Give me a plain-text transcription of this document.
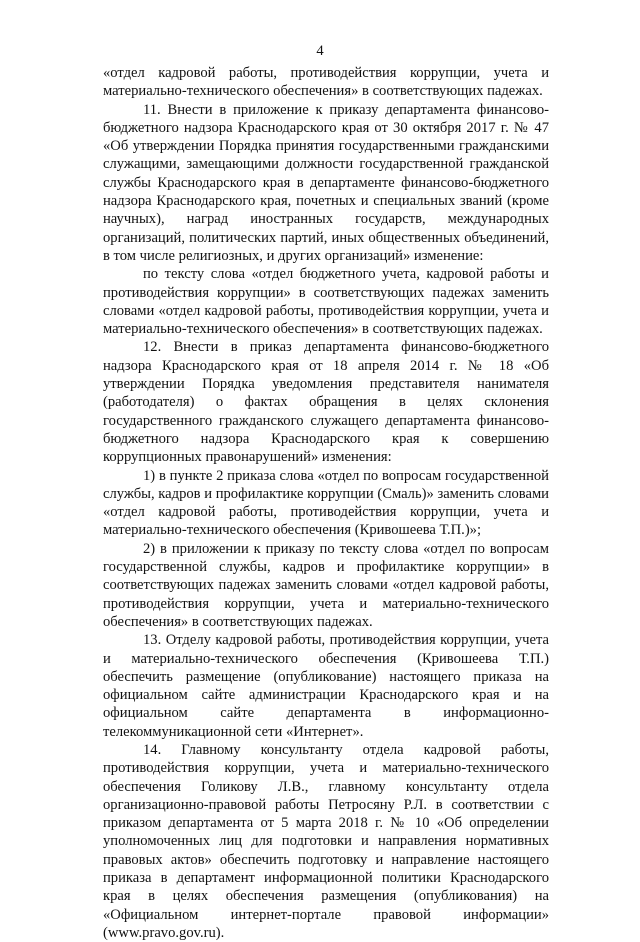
4

«отдел кадровой работы, противодействия коррупции, учета и материально-технического обеспечения» в соответствующих падежах.

11. Внести в приложение к приказу департамента финансово-бюджетного надзора Краснодарского края от 30 октября 2017 г. № 47 «Об утверждении Порядка принятия государственными гражданскими служащими, замещающими должности государственной гражданской службы Краснодарского края в департаменте финансово-бюджетного надзора Краснодарского края, почетных и специальных званий (кроме научных), наград иностранных государств, международных организаций, политических партий, иных общественных объединений, в том числе религиозных, и других организаций» изменение:

по тексту слова «отдел бюджетного учета, кадровой работы и противодействия коррупции» в соответствующих падежах заменить словами «отдел кадровой работы, противодействия коррупции, учета и материально-технического обеспечения» в соответствующих падежах.

12. Внести в приказ департамента финансово-бюджетного надзора Краснодарского края от 18 апреля 2014 г. № 18 «Об утверждении Порядка уведомления представителя нанимателя (работодателя) о фактах обращения в целях склонения государственного гражданского служащего департамента финансово-бюджетного надзора Краснодарского края к совершению коррупционных правонарушений» изменения:

1) в пункте 2 приказа слова «отдел по вопросам государственной службы, кадров и профилактике коррупции (Смаль)» заменить словами «отдел кадровой работы, противодействия коррупции, учета и материально-технического обеспечения (Кривошеева Т.П.)»;

2) в приложении к приказу по тексту слова «отдел по вопросам государственной службы, кадров и профилактике коррупции» в соответствующих падежах заменить словами «отдел кадровой работы, противодействия коррупции, учета и материально-технического обеспечения» в соответствующих падежах.

13. Отделу кадровой работы, противодействия коррупции, учета и материально-технического обеспечения (Кривошеева Т.П.) обеспечить размещение (опубликование) настоящего приказа на официальном сайте администрации Краснодарского края и на официальном сайте департамента в информационно-телекоммуникационной сети «Интернет».

14. Главному консультанту отдела кадровой работы, противодействия коррупции, учета и материально-технического обеспечения Голикову Л.В., главному консультанту отдела организационно-правовой работы Петросяну Р.Л. в соответствии с приказом департамента от 5 марта 2018 г. № 10 «Об определении уполномоченных лиц для подготовки и направления нормативных правовых актов» обеспечить подготовку и направление настоящего приказа в департамент информационной политики Краснодарского края в целях обеспечения размещения (опубликования) на «Официальном интернет-портале правовой информации» (www.pravo.gov.ru).
